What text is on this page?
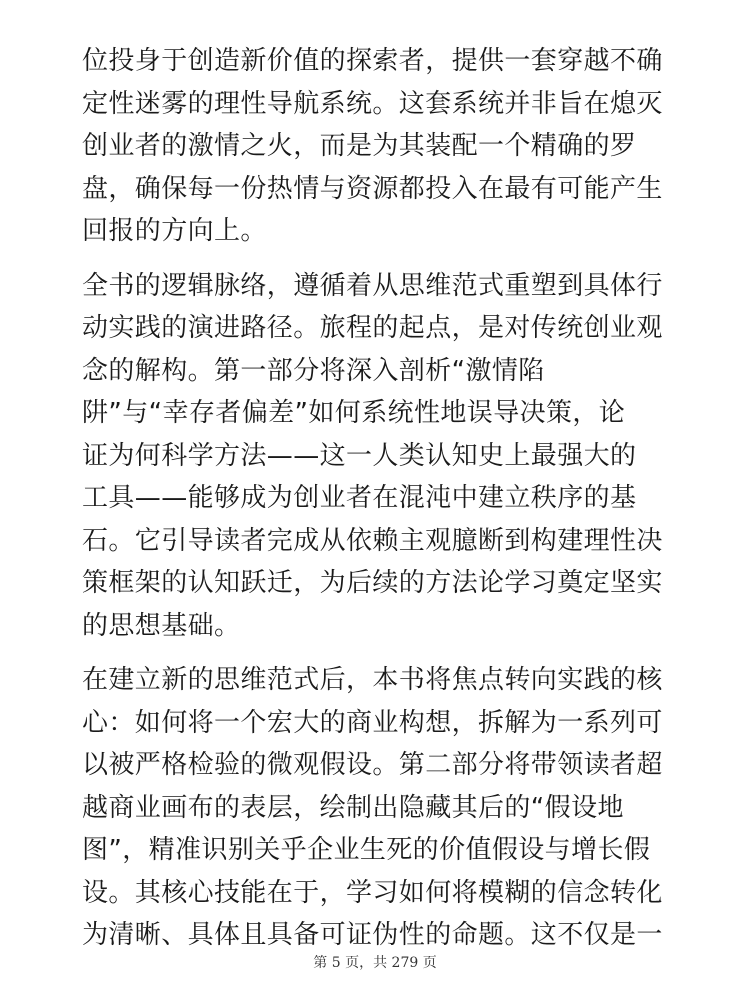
位投身于创造新价值的探索者，提供一套穿越不确
定性迷雾的理性导航系统。这套系统并非旨在熄灭
创业者的激情之火，而是为其装配一个精确的罗
盘，确保每一份热情与资源都投入在最有可能产生
回报的方向上。

全书的逻辑脉络，遵循着从思维范式重塑到具体行
动实践的演进路径。旅程的起点，是对传统创业观
念的解构。第一部分将深入剖析“激情陷
阱”与“幸存者偏差”如何系统性地误导决策，论
证为何科学方法——这一人类认知史上最强大的
工具——能够成为创业者在混沌中建立秩序的基
石。它引导读者完成从依赖主观臆断到构建理性决
策框架的认知跃迁，为后续的方法论学习奠定坚实
的思想基础。

在建立新的思维范式后，本书将焦点转向实践的核
心：如何将一个宏大的商业构想，拆解为一系列可
以被严格检验的微观假设。第二部分将带领读者超
越商业画布的表层，绘制出隐藏其后的“假设地
图”，精准识别关乎企业生死的价值假设与增长假
设。其核心技能在于，学习如何将模糊的信念转化
为清晰、具体且具备可证伪性的命题。这不仅是一

第 5 页，共 279 页
